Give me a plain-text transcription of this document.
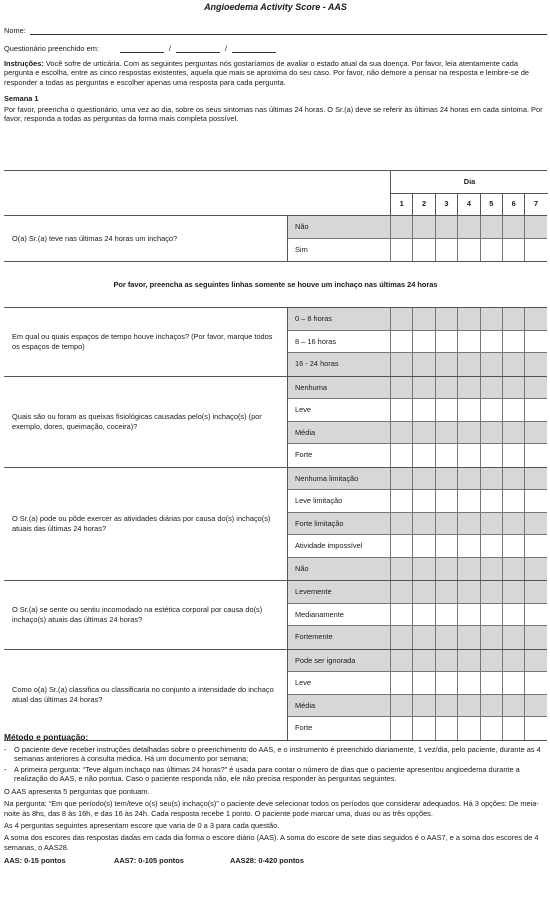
Angioedema Activity Score - AAS
Nome:
Questionário preenchido em:	/	/

Instruções: Você sofre de urticária. Com as seguintes perguntas nós gostaríamos de avaliar o estado atual da sua doença. Por favor, leia atentamente cada pergunta e escolha, entre as cinco respostas existentes, aquela que mais se aproxima do seu caso. Por favor, não demore a pensar na resposta e lembre-se de responder a todas as perguntas e escolher apenas uma resposta para cada pergunta.

Semana 1

Por favor, preencha o questionário, uma vez ao dia, sobre os seus sintomas nas últimas 24 horas. O Sr.(a) deve se referir às últimas 24 horas em cada sintoma. Por favor, responda a todas as perguntas da forma mais completa possível.

Dia
1	2	3	4	5	6	7
O(a) Sr.(a) teve nas últimas 24 horas um inchaço?
Não
Sim
Por favor, preencha as seguintes linhas somente se houve um inchaço nas últimas 24 horas
Em qual ou quais espaços de tempo houve inchaços? (Por favor, marque todos os espaços de tempo)
0 – 8 horas
8 – 16 horas
16 - 24 horas
Quais são ou foram as queixas fisiológicas causadas pelo(s) inchaço(s) (por exemplo, dores, queimação, coceira)?
Nenhuma
Leve
Média
Forte
O Sr.(a) pode ou pôde exercer as atividades diárias por causa do(s) inchaço(s) atuais das últimas 24 horas?
Nenhuma limitação
Leve limitação
Forte limitação
Atividade impossível
Não
O Sr.(a) se sente ou sentiu incomodado na estética corporal por causa do(s) inchaço(s) atuais das últimas 24 horas?
Levemente
Medianamente
Fortemente
Como o(a) Sr.(a) classifica ou classificaria no conjunto a intensidade do inchaço atual das últimas 24 horas?
Pode ser ignorada
Leve
Média
Forte
Método e pontuação:
-	O paciente deve receber instruções detalhadas sobre o preenchimento do AAS, e o instrumento é preenchido diariamente, 1 vez/dia, pelo paciente, durante as 4 semanas anteriores à consulta médica. Há um documento por semana;

-	A primeira pergunta: “Teve algum inchaço nas últimas 24 horas?” é usada para contar o número de dias que o paciente apresentou angioedema durante a realização do AAS, e não pontua. Caso o paciente responda não, ele não precisa responder às perguntas seguintes.

O AAS apresenta 5 perguntas que pontuam.

Na pergunta: “Em que período(s) tem/teve o(s) seu(s) inchaço(s)” o paciente deve selecionar todos os períodos que considerar adequados. Há 3 opções: De meia-noite às 8hs, das 8 às 16h, e das 16 às 24h. Cada resposta recebe 1 ponto. O paciente pode marcar uma, duas ou as três opções.

As 4 perguntas seguintes apresentam escore que varia de 0 a 3 para cada questão.

A soma dos escores das respostas dadas em cada dia forma o escore diário (AAS). A soma do escore de sete dias seguidos é o AAS7, e a soma dos escores de 4 semanas, o AAS28.

AAS: 0-15 pontos	AAS7: 0-105 pontos	AAS28: 0-420 pontos
